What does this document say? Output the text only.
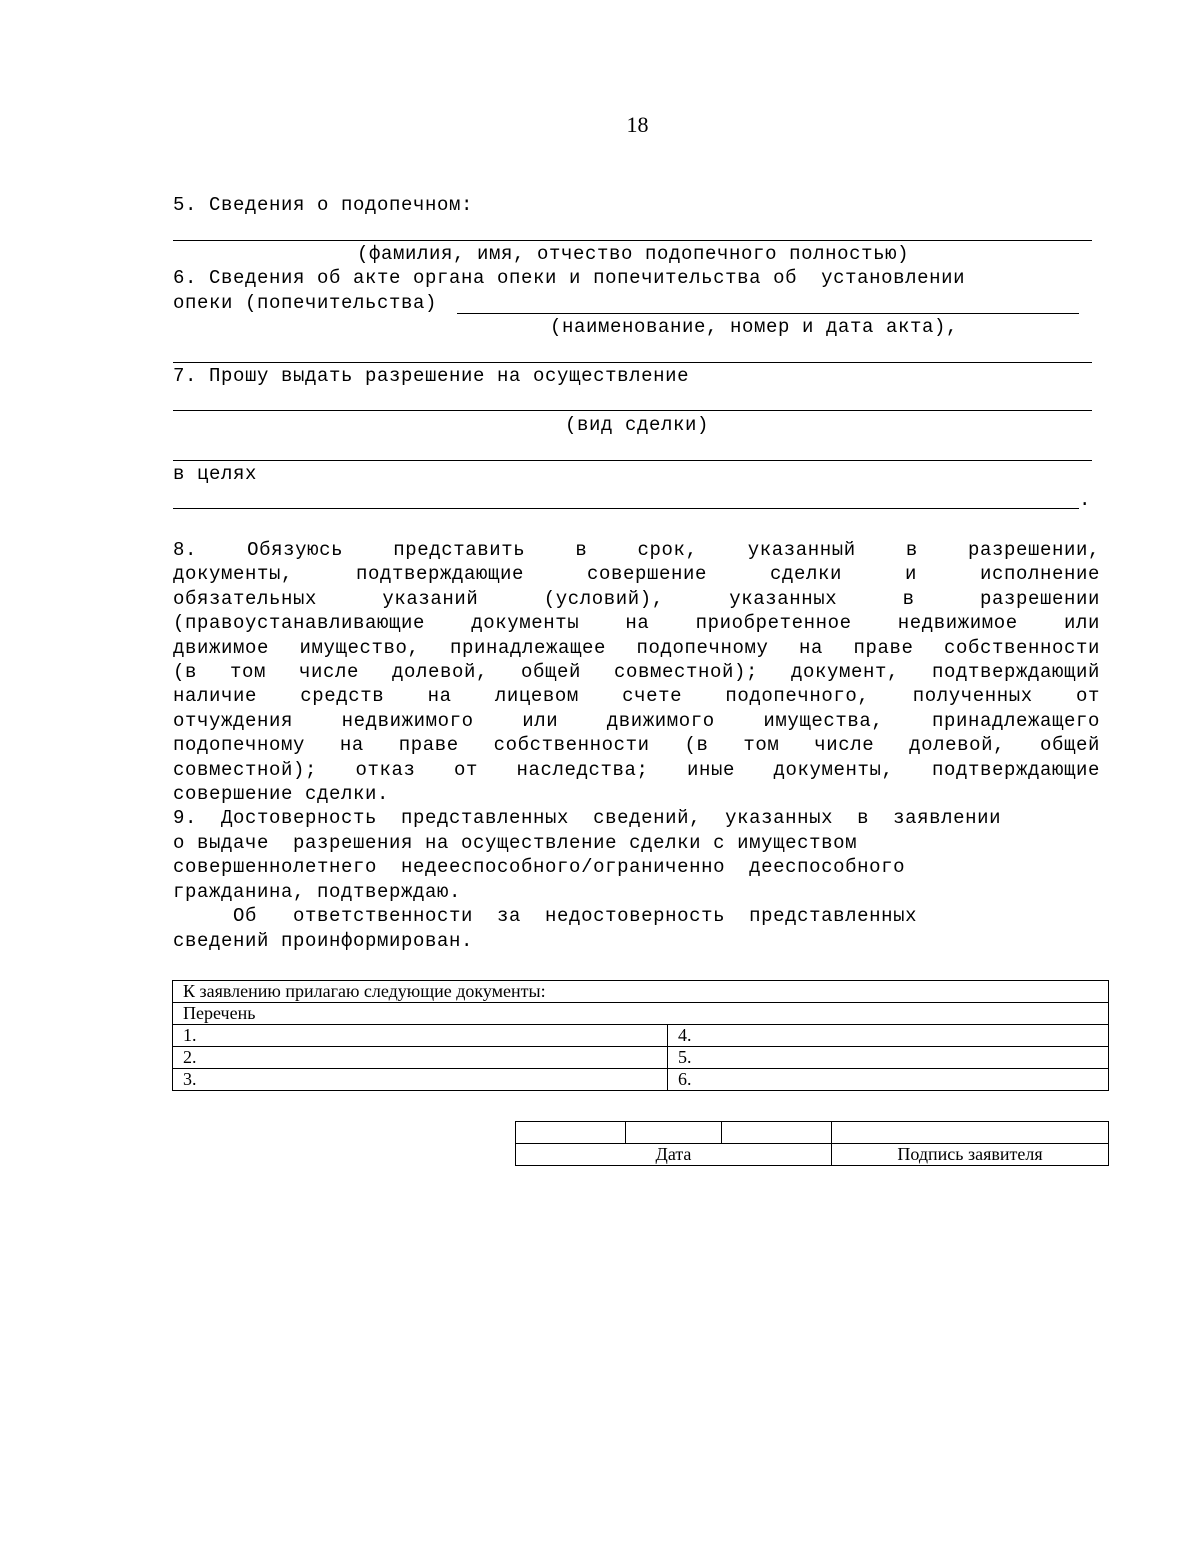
18
5. Сведения о подопечном:
(фамилия, имя, отчество подопечного полностью)
6. Сведения об акте органа опеки и попечительства об  установлении
опеки (попечительства)
(наименование, номер и дата акта),
7. Прошу выдать разрешение на осуществление
(вид сделки)
в целях
.
8. Обязуюсь представить в срок, указанный в разрешении,
документы, подтверждающие совершение сделки и исполнение
обязательных указаний (условий), указанных в разрешении
(правоустанавливающие документы на приобретенное недвижимое или
движимое имущество, принадлежащее подопечному на праве собственности
(в том числе долевой, общей совместной); документ, подтверждающий
наличие средств на лицевом счете подопечного, полученных от
отчуждения недвижимого или движимого имущества, принадлежащего
подопечному на праве собственности (в том числе долевой, общей
совместной); отказ от наследства; иные документы, подтверждающие
совершение сделки.
9.  Достоверность  представленных  сведений,  указанных  в  заявлении
о выдаче  разрешения на осуществление сделки с имуществом
совершеннолетнего  недееспособного/ограниченно  дееспособного
гражданина, подтверждаю.
Об   ответственности  за  недостоверность  представленных
сведений проинформирован.
К заявлению прилагаю следующие документы:	
Перечень	
1.	4.
2.	5.
3.	6.

Дата			Подпись заявителя
